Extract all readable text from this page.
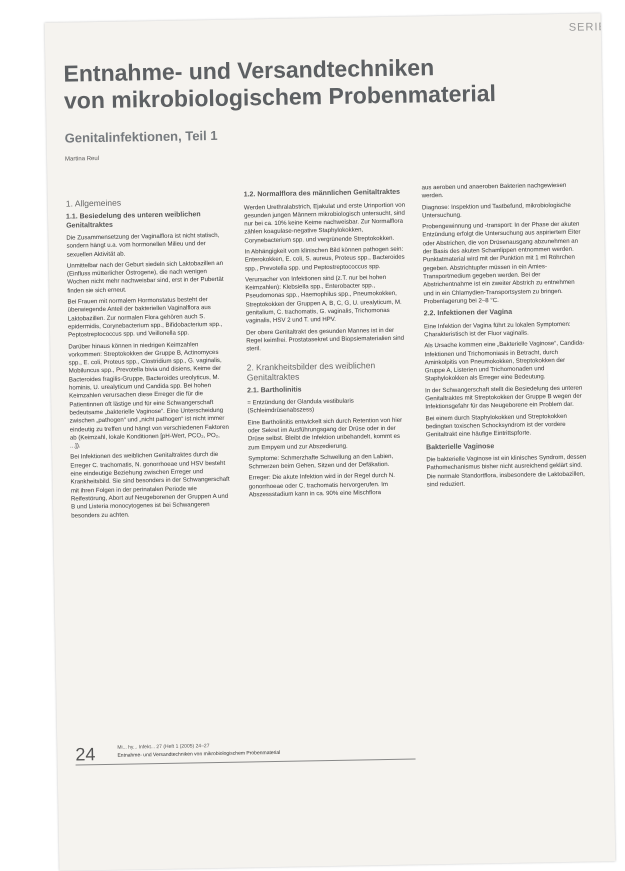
SERIE
Entnahme- und Versandtechniken
von mikrobiologischem Probenmaterial
Genitalinfektionen, Teil 1
Martina Reul
1. Allgemeines
1.1. Besiedelung des unteren weiblichen Genitaltraktes

Die Zusammensetzung der Vaginalflora ist nicht statisch, sondern hängt u.a. vom hormonellen Milieu und der sexuellen Aktivität ab.

Unmittelbar nach der Geburt siedeln sich Laktobazillen an (Einfluss mütterlicher Östrogene), die nach wenigen Wochen nicht mehr nachweisbar sind, erst in der Pubertät finden sie sich erneut.

Bei Frauen mit normalem Hormonstatus besteht der überwiegende Anteil der bakteriellen Vaginalflora aus Laktobazillen. Zur normalen Flora gehören auch S. epidermidis, Corynebacterium spp., Bifidobacterium spp., Peptostreptococcus spp. und Veillonella spp.

Darüber hinaus können in niedrigen Keimzahlen vorkommen: Streptokokken der Gruppe B, Actinomyces spp., E. coli, Proteus spp., Clostridium spp., G. vaginalis, Mobiluncus spp., Prevotella bivia und disiens, Keime der Bacteroides fragilis-Gruppe, Bacteroides ureolyticus, M. hominis, U. urealyticum und Candida spp. Bei hohen Keimzahlen verursachen diese Erreger die für die Patientinnen oft lästige und für eine Schwangerschaft bedeutsame „bakterielle Vaginose“. Eine Unterscheidung zwischen „pathogen“ und „nicht pathogen“ ist nicht immer eindeutig zu treffen und hängt von verschiedenen Faktoren ab (Keimzahl, lokale Konditionen [pH-Wert, PCO₂, PO₂, ...]).

Bei Infektionen des weiblichen Genitaltraktes durch die Erreger C. trachomatis, N. gonorrhoeae und HSV besteht eine eindeutige Beziehung zwischen Erreger und Krankheitsbild. Sie sind besonders in der Schwangerschaft mit ihren Folgen in der perinatalen Periode wie Reifestörung, Abort auf Neugeborenen der Gruppen A und B und Listeria monocytogenes ist bei Schwangeren besonders zu achten.

1.2. Normalflora des männlichen Genitaltraktes

Werden Urethralabstrich, Ejakulat und erste Urinportion von gesunden jungen Männern mikrobiologisch untersucht, sind nur bei ca. 10% keine Keime nachweisbar. Zur Normalflora zählen koagulase-negative Staphylokokken, Corynebacterium spp. und vergrünende Streptokokken.

In Abhängigkeit vom klinischen Bild können pathogen sein: Enterokokken, E. coli, S. aureus, Proteus spp., Bacteroides spp., Prevotella spp. und Peptostreptococcus spp.

Verursacher von Infektionen sind (z.T. nur bei hohen Keimzahlen): Klebsiella spp., Enterobacter spp., Pseudomonas spp., Haemophilus spp., Pneumokokken, Streptokokken der Gruppen A, B, C, G, U. urealyticum, M. genitalium, C. trachomatis, G. vaginalis, Trichomonas vaginalis, HSV 2 und T. und HPV.

Der obere Genitaltrakt des gesunden Mannes ist in der Regel keimfrei. Prostatasekret und Biopsiematerialien sind steril.

2. Krankheitsbilder des weiblichen Genitaltraktes
2.1. Bartholinitis

= Entzündung der Glandula vestibularis (Schleimdrüsenabszess)

Eine Bartholinitis entwickelt sich durch Retention von hier oder Sekret im Ausführungsgang der Drüse oder in der Drüse selbst. Bleibt die Infektion unbehandelt, kommt es zum Empyem und zur Abszedierung.

Symptome: Schmerzhafte Schwellung an den Labien, Schmerzen beim Gehen, Sitzen und der Defäkation.

Erreger: Die akute Infektion wird in der Regel durch N. gonorrhoeae oder C. trachomatis hervorgerufen. Im Abszessstadium kann in ca. 90% eine Mischflora

aus aeroben und anaeroben Bakterien nachgewiesen werden.

Diagnose: Inspektion und Tastbefund, mikrobiologische Untersuchung.

Probengewinnung und -transport: In der Phase der akuten Entzündung erfolgt die Untersuchung aus aspiriertem Eiter oder Abstrichen, die von Drüsenausgang abzunehmen an der Basis des akuten Schamlippen entnommen werden. Punktatmaterial wird mit der Punktion mit 1 ml Röhrchen gegeben. Abstrichtupfer müssen in ein Amies-Transportmedium gegeben werden. Bei der Abstrichentnahme ist ein zweiter Abstrich zu entnehmen und in ein Chlamydien-Transportsystem zu bringen. Probenlagerung bei 2–8 °C.

2.2. Infektionen der Vagina

Eine Infektion der Vagina führt zu lokalen Symptomen: Charakteristisch ist der Fluor vaginalis.

Als Ursache kommen eine „Bakterielle Vaginose“, Candida-Infektionen und Trichomoniasis in Betracht, durch Aminkolpitis von Pneumokokken, Streptokokken der Gruppe A, Listerien und Trichomonaden und Staphylokokken als Erreger eine Bedeutung.

In der Schwangerschaft stellt die Besiedelung des unteren Genitaltraktes mit Streptokokken der Gruppe B wegen der Infektionsgefahr für das Neugeborene ein Problem dar.

Bei einem durch Staphylokokken und Streptokokken bedingten toxischen Schocksyndrom ist der vordere Genitaltrakt eine häufige Eintrittspforte.

Bakterielle Vaginose

Die bakterielle Vaginose ist ein klinisches Syndrom, dessen Pathomechanismus bisher nicht ausreichend geklärt sind. Die normale Standortflora, insbesondere die Laktobazillen, sind reduziert.

24	Mi... hy... Infekt... 27 (Heft 1 (2005) 24–27
Entnahme- und Versandtechniken von mikrobiologischem Probenmaterial
